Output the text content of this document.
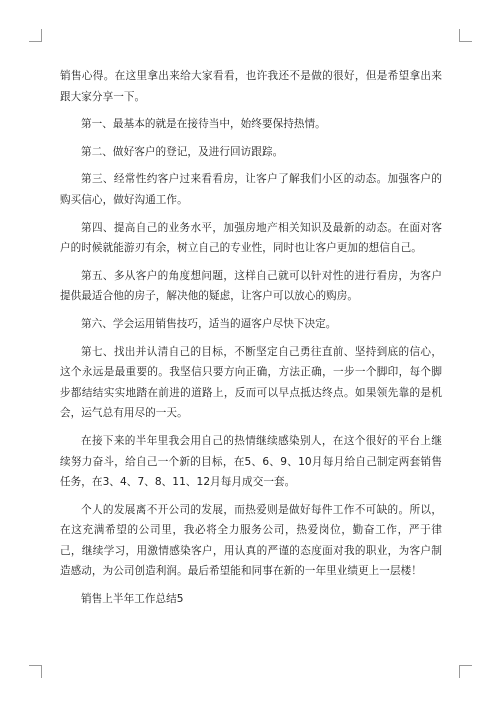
销售心得。在这里拿出来给大家看看，也许我还不是做的很好，但是希望拿出来跟大家分享一下。

第一、最基本的就是在接待当中，始终要保持热情。

第二、做好客户的登记，及进行回访跟踪。

第三、经常性约客户过来看看房，让客户了解我们小区的动态。加强客户的购买信心，做好沟通工作。

第四、提高自己的业务水平，加强房地产相关知识及最新的动态。在面对客户的时候就能游刃有余，树立自己的专业性，同时也让客户更加的想信自己。

第五、多从客户的角度想问题，这样自己就可以针对性的进行看房，为客户提供最适合他的房子，解决他的疑虑，让客户可以放心的购房。

第六、学会运用销售技巧，适当的逼客户尽快下决定。

第七、找出并认清自己的目标，不断坚定自己勇往直前、坚持到底的信心，这个永远是最重要的。我坚信只要方向正确，方法正确，一步一个脚印，每个脚步都结结实实地踏在前进的道路上，反而可以早点抵达终点。如果领先靠的是机会，运气总有用尽的一天。

在接下来的半年里我会用自己的热情继续感染别人，在这个很好的平台上继续努力奋斗，给自己一个新的目标，在5、6、9、10月每月给自己制定两套销售任务，在3、4、7、8、11、12月每月成交一套。

个人的发展离不开公司的发展，而热爱则是做好每件工作不可缺的。所以，在这充满希望的公司里，我必将全力服务公司，热爱岗位，勤奋工作，严于律己，继续学习，用激情感染客户，用认真的严谨的态度面对我的职业，为客户制造感动，为公司创造利润。最后希望能和同事在新的一年里业绩更上一层楼！

销售上半年工作总结5
